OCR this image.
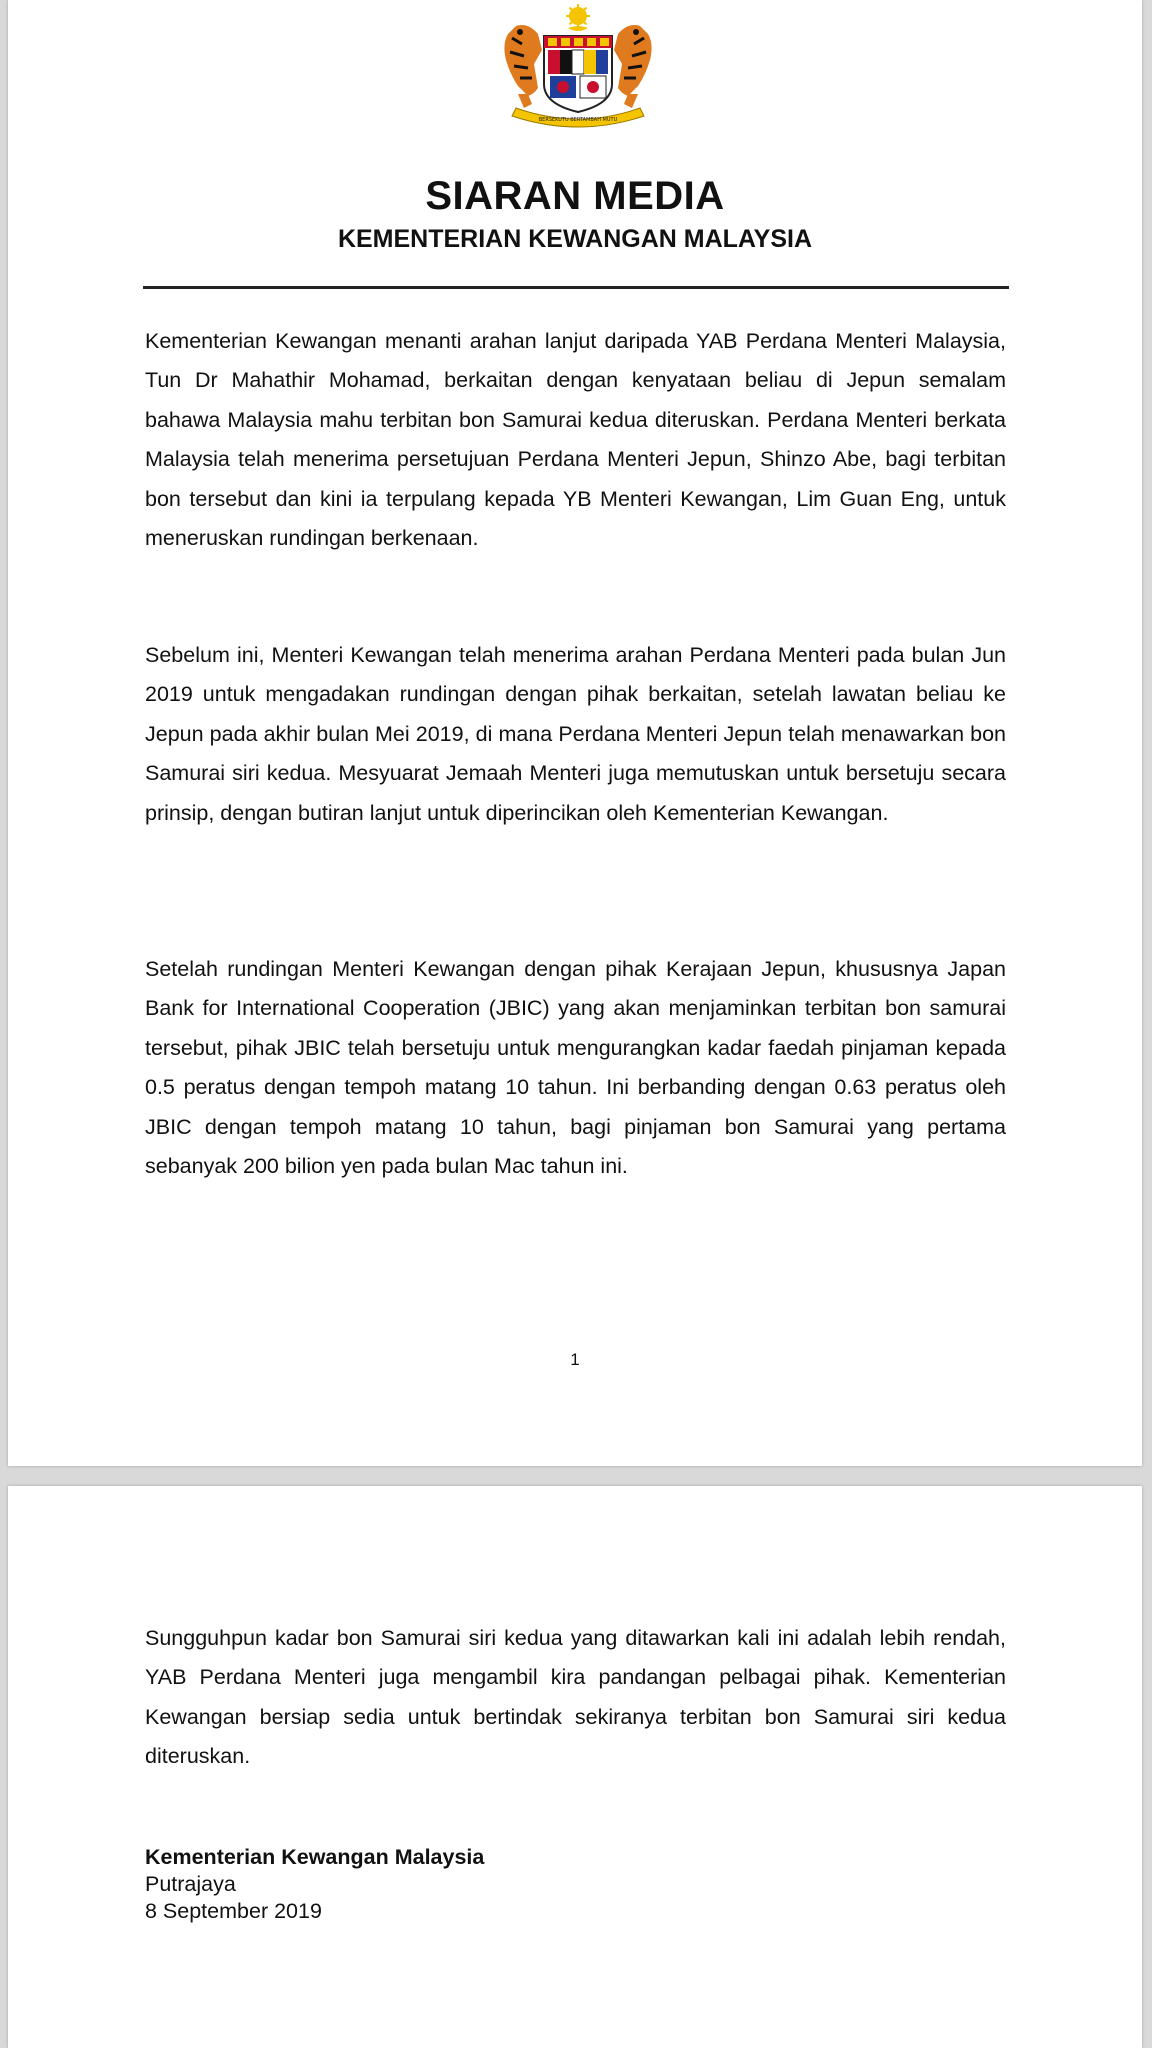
BERSEKUTU BERTAMBAH MUTU
SIARAN MEDIA
KEMENTERIAN KEWANGAN MALAYSIA

Kementerian Kewangan menanti arahan lanjut daripada YAB Perdana Menteri Malaysia, Tun Dr Mahathir Mohamad, berkaitan dengan kenyataan beliau di Jepun semalam bahawa Malaysia mahu terbitan bon Samurai kedua diteruskan. Perdana Menteri berkata Malaysia telah menerima persetujuan Perdana Menteri Jepun, Shinzo Abe, bagi terbitan bon tersebut dan kini ia terpulang kepada YB Menteri Kewangan, Lim Guan Eng, untuk meneruskan rundingan berkenaan.

Sebelum ini, Menteri Kewangan telah menerima arahan Perdana Menteri pada bulan Jun 2019 untuk mengadakan rundingan dengan pihak berkaitan, setelah lawatan beliau ke Jepun pada akhir bulan Mei 2019, di mana Perdana Menteri Jepun telah menawarkan bon Samurai siri kedua. Mesyuarat Jemaah Menteri juga memutuskan untuk bersetuju secara prinsip, dengan butiran lanjut untuk diperincikan oleh Kementerian Kewangan.

Setelah rundingan Menteri Kewangan dengan pihak Kerajaan Jepun, khususnya Japan Bank for International Cooperation (JBIC) yang akan menjaminkan terbitan bon samurai tersebut, pihak JBIC telah bersetuju untuk mengurangkan kadar faedah pinjaman kepada 0.5 peratus dengan tempoh matang 10 tahun. Ini berbanding dengan 0.63 peratus oleh JBIC dengan tempoh matang 10 tahun, bagi pinjaman bon Samurai yang pertama sebanyak 200 bilion yen pada bulan Mac tahun ini.

1

Sungguhpun kadar bon Samurai siri kedua yang ditawarkan kali ini adalah lebih rendah, YAB Perdana Menteri juga mengambil kira pandangan pelbagai pihak. Kementerian Kewangan bersiap sedia untuk bertindak sekiranya terbitan bon Samurai siri kedua diteruskan.

Kementerian Kewangan Malaysia

Putrajaya

8 September 2019
